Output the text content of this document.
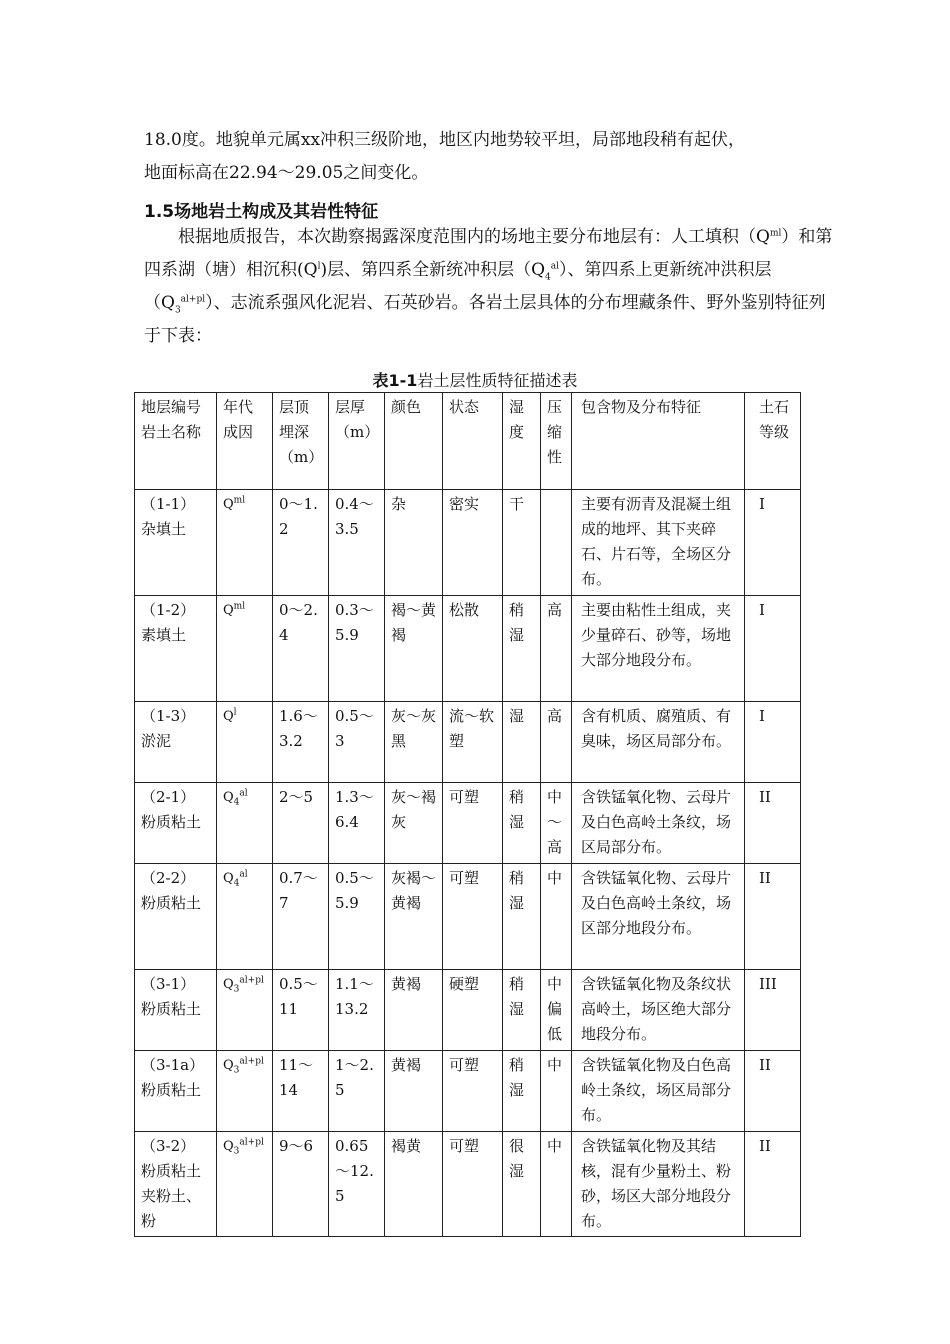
18.0度。地貌单元属xx冲积三级阶地，地区内地势较平坦，局部地段稍有起伏，
地面标高在22.94～29.05之间变化。

1.5场地岩土构成及其岩性特征

根据地质报告，本次勘察揭露深度范围内的场地主要分布地层有：人工填积$(Q^{ml})$和第四系湖（塘）相沉积$(Q^l)$层、第四系全新统冲积层$(Q_4^{al})$、第四系上更新统冲洪积层$(Q_3^{al+pl})$、志流系强风化泥岩、石英砂岩。各岩土层具体的分布埋藏条件、野外鉴别特征列于下表：

表1-1岩土层性质特征描述表

地层编号岩土名称	年代成因	层顶埋深（m）	层厚（m）	颜色	状态	湿度	压缩性	包含物及分布特征	土石等级
（1-1）杂填土	$Q^{ml}$	0～1.2	0.4～3.5	杂	密实	干		主要有沥青及混凝土组成的地坪、其下夹碎石、片石等，全场区分布。	I
（1-2）素填土	$Q^{ml}$	0～2.4	0.3～5.9	褐～黄褐	松散	稍湿	高	主要由粘性土组成，夹少量碎石、砂等，场地大部分地段分布。	I
（1-3）淤泥	$Q^l$	1.6～3.2	0.5～3	灰～灰黑	流～软塑	湿	高	含有机质、腐殖质、有臭味，场区局部分布。	I
（2-1）粉质粘土	$Q_4^{al}$	2～5	1.3～6.4	灰～褐灰	可塑	稍湿	中～高	含铁锰氧化物、云母片及白色高岭土条纹，场区局部分布。	II
（2-2）粉质粘土	$Q_4^{al}$	0.7～7	0.5～5.9	灰褐～黄褐	可塑	稍湿	中	含铁锰氧化物、云母片及白色高岭土条纹，场区部分地段分布。	II
（3-1）粉质粘土	$Q_3^{al+pl}$	0.5～11	1.1～13.2	黄褐	硬塑	稍湿	中偏低	含铁锰氧化物及条纹状高岭土，场区绝大部分地段分布。	III
（3-1a）粉质粘土	$Q_3^{al+pl}$	11～14	1～2.5	黄褐	可塑	稍湿	中	含铁锰氧化物及白色高岭土条纹，场区局部分布。	II
（3-2）粉质粘土夹粉土、粉	$Q_3^{al+pl}$	9～6	0.65～12.5	褐黄	可塑	很湿	中	含铁锰氧化物及其结核，混有少量粉土、粉砂，场区大部分地段分布。	II
